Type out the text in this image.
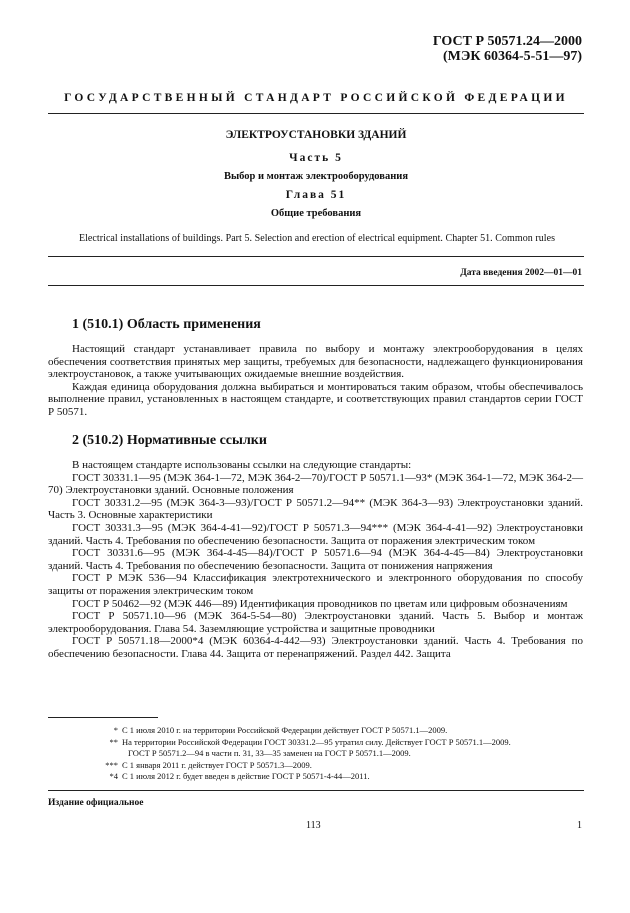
ГОСТ Р 50571.24—2000
(МЭК 60364-5-51—97)
ГОСУДАРСТВЕННЫЙ СТАНДАРТ РОССИЙСКОЙ ФЕДЕРАЦИИ
ЭЛЕКТРОУСТАНОВКИ ЗДАНИЙ
Часть 5
Выбор и монтаж электрооборудования
Глава 51
Общие требования
Electrical installations of buildings. Part 5. Selection and erection of electrical equipment. Chapter 51. Common rules
Дата введения 2002—01—01
1 (510.1) Область применения
Настоящий стандарт устанавливает правила по выбору и монтажу электрооборудования в целях обеспечения соответствия принятых мер защиты, требуемых для безопасности, надлежащего функционирования электроустановок, а также учитывающих ожидаемые внешние воздействия.
Каждая единица оборудования должна выбираться и монтироваться таким образом, чтобы обеспечивалось выполнение правил, установленных в настоящем стандарте, и соответствующих правил стандартов серии ГОСТ Р 50571.
2 (510.2) Нормативные ссылки
В настоящем стандарте использованы ссылки на следующие стандарты:
ГОСТ 30331.1—95 (МЭК 364-1—72, МЭК 364-2—70)/ГОСТ Р 50571.1—93* (МЭК 364-1—72, МЭК 364-2—70) Электроустановки зданий. Основные положения
ГОСТ 30331.2—95 (МЭК 364-3—93)/ГОСТ Р 50571.2—94** (МЭК 364-3—93) Электроустановки зданий. Часть 3. Основные характеристики
ГОСТ 30331.3—95 (МЭК 364-4-41—92)/ГОСТ Р 50571.3—94*** (МЭК 364-4-41—92) Электроустановки зданий. Часть 4. Требования по обеспечению безопасности. Защита от поражения электрическим током
ГОСТ 30331.6—95 (МЭК 364-4-45—84)/ГОСТ Р 50571.6—94 (МЭК 364-4-45—84) Электроустановки зданий. Часть 4. Требования по обеспечению безопасности. Защита от понижения напряжения
ГОСТ Р МЭК 536—94 Классификация электротехнического и электронного оборудования по способу защиты от поражения электрическим током
ГОСТ Р 50462—92 (МЭК 446—89) Идентификация проводников по цветам или цифровым обозначениям
ГОСТ Р 50571.10—96 (МЭК 364-5-54—80) Электроустановки зданий. Часть 5. Выбор и монтаж электрооборудования. Глава 54. Заземляющие устройства и защитные проводники
ГОСТ Р 50571.18—2000*4 (МЭК 60364-4-442—93) Электроустановки зданий. Часть 4. Требования по обеспечению безопасности. Глава 44. Защита от перенапряжений. Раздел 442. Защита
* С 1 июля 2010 г. на территории Российской Федерации действует ГОСТ Р 50571.1—2009.
** На территории Российской Федерации ГОСТ 30331.2—95 утратил силу. Действует ГОСТ Р 50571.1—2009.
ГОСТ Р 50571.2—94 в части п. 31, 33—35 заменен на ГОСТ Р 50571.1—2009.
*** С 1 января 2011 г. действует ГОСТ Р 50571.3—2009.
*4 С 1 июля 2012 г. будет введен в действие ГОСТ Р 50571-4-44—2011.
Издание официальное
113	1
